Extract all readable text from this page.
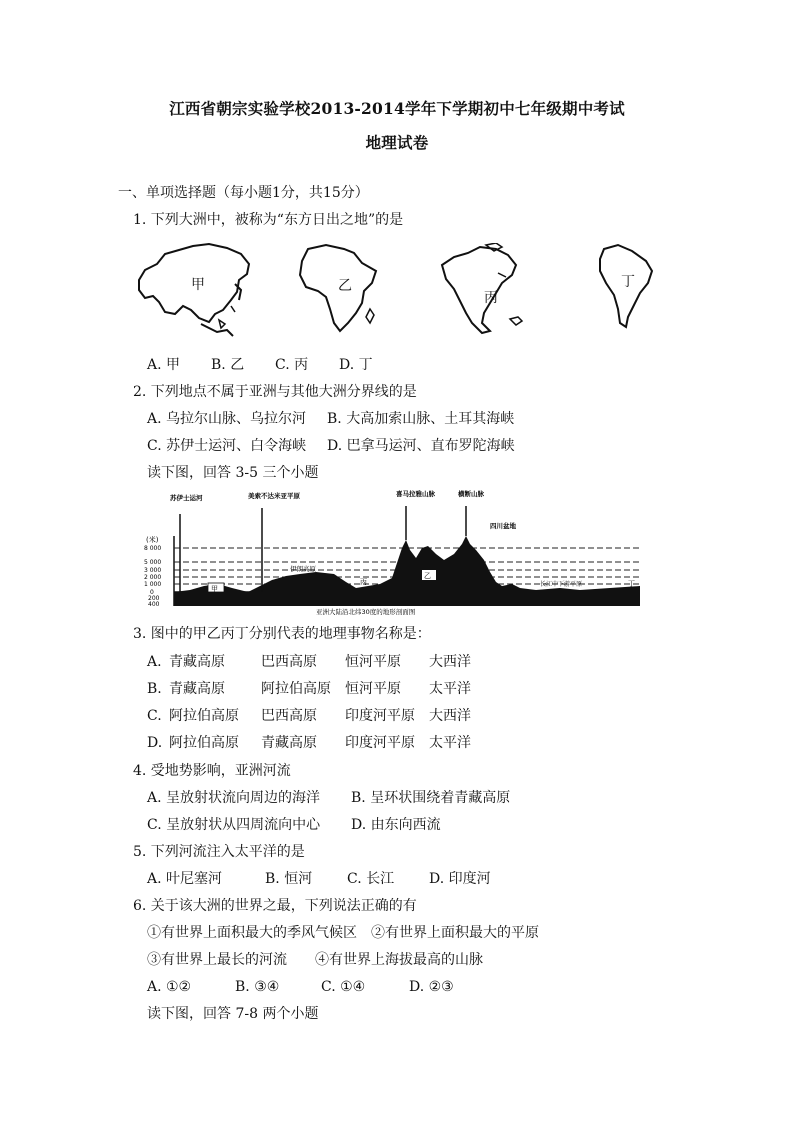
江西省朝宗实验学校2013-2014学年下学期初中七年级期中考试
地理试卷
一、单项选择题（每小题1分，共15分）
1. 下列大洲中，被称为“东方日出之地”的是
甲	乙
丙
丁
A. 甲 B. 乙 C. 丙 D. 丁
2. 下列地点不属于亚洲与其他大洲分界线的是
A. 乌拉尔山脉、乌拉尔河 B. 大高加索山脉、土耳其海峡
C. 苏伊士运河、白令海峡 D. 巴拿马运河、直布罗陀海峡
读下图，回答 3-5 三个小题
(米)
8 000
5 000
3 000
2 000
1 000
0
200
400
苏伊士运河	美索不达米亚平原	喜马拉雅山脉	横断山脉
四川盆地
甲
伊朗高原
丙
乙
长江中下游平原	丁
亚洲大陆沿北纬30度的地形剖面图
3. 图中的甲乙丙丁分别代表的地理事物名称是：
A. 青藏高原	巴西高原 恒河平原 大西洋
B. 青藏高原	阿拉伯高原 恒河平原 太平洋
C. 阿拉伯高原 巴西高原 印度河平原 大西洋
D. 阿拉伯高原 青藏高原 印度河平原 太平洋
4. 受地势影响，亚洲河流
A. 呈放射状流向周边的海洋 B. 呈环状围绕着青藏高原
C. 呈放射状从四周流向中心 D. 由东向西流
5. 下列河流注入太平洋的是
A. 叶尼塞河	B. 恒河 C. 长江 D. 印度河
6. 关于该大洲的世界之最，下列说法正确的有
①有世界上面积最大的季风气候区 ②有世界上面积最大的平原
③有世界上最长的河流 ④有世界上海拔最高的山脉
A. ①②	B. ③④	C. ①④	D. ②③
读下图，回答 7-8 两个小题
